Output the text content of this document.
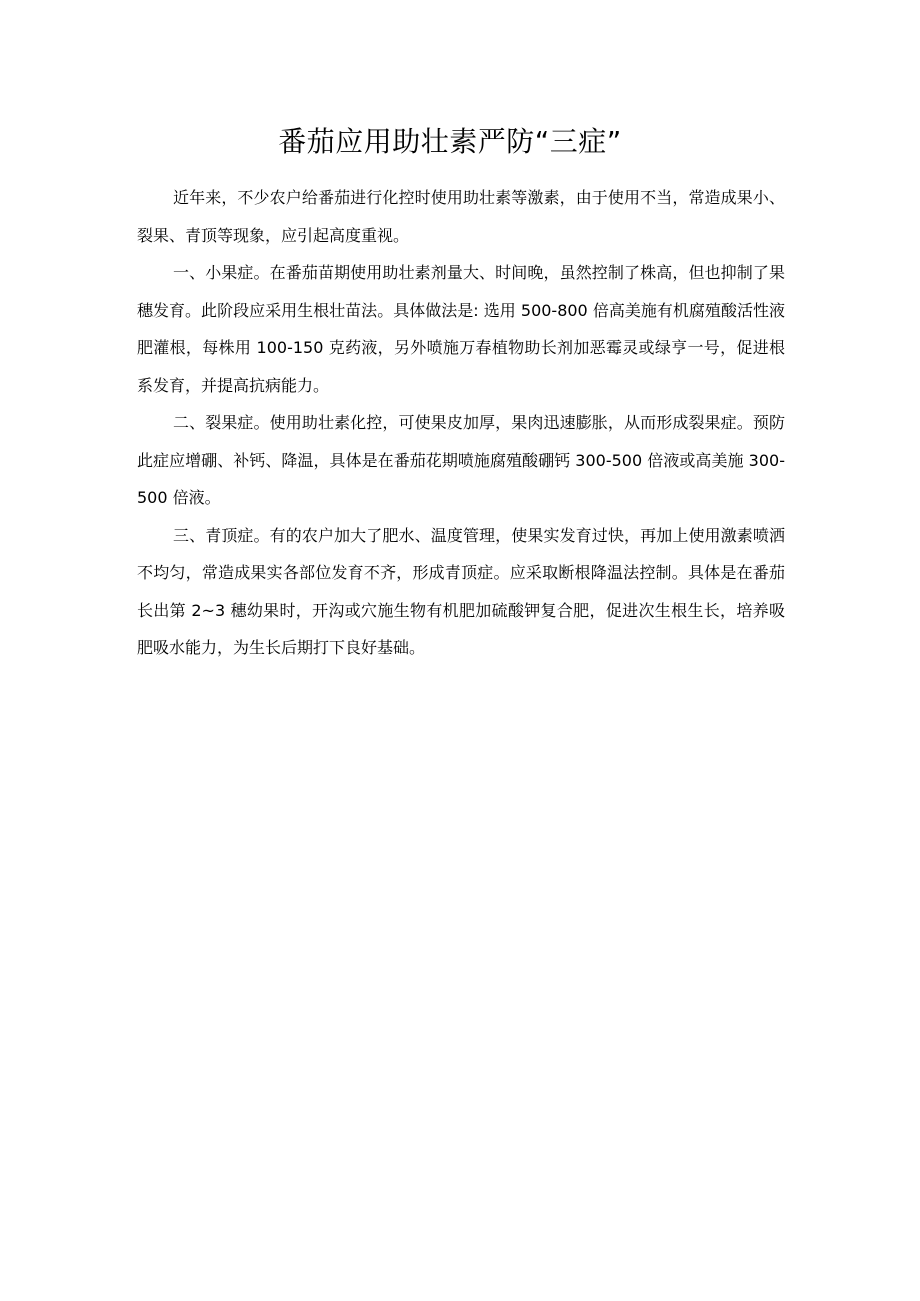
番茄应用助壮素严防“三症”

近年来，不少农户给番茄进行化控时使用助壮素等激素，由于使用不当，常造成果小、裂果、青顶等现象，应引起高度重视。

一、小果症。在番茄苗期使用助壮素剂量大、时间晚，虽然控制了株高，但也抑制了果穗发育。此阶段应采用生根壮苗法。具体做法是: 选用 500-800 倍高美施有机腐殖酸活性液肥灌根，每株用 100-150 克药液，另外喷施万春植物助长剂加恶霉灵或绿亨一号，促进根系发育，并提高抗病能力。

二、裂果症。使用助壮素化控，可使果皮加厚，果肉迅速膨胀，从而形成裂果症。预防此症应增硼、补钙、降温，具体是在番茄花期喷施腐殖酸硼钙 300-500 倍液或高美施 300-500 倍液。

三、青顶症。有的农户加大了肥水、温度管理，使果实发育过快，再加上使用激素喷洒不均匀，常造成果实各部位发育不齐，形成青顶症。应采取断根降温法控制。具体是在番茄长出第 2~3 穗幼果时，开沟或穴施生物有机肥加硫酸钾复合肥，促进次生根生长，培养吸肥吸水能力，为生长后期打下良好基础。
